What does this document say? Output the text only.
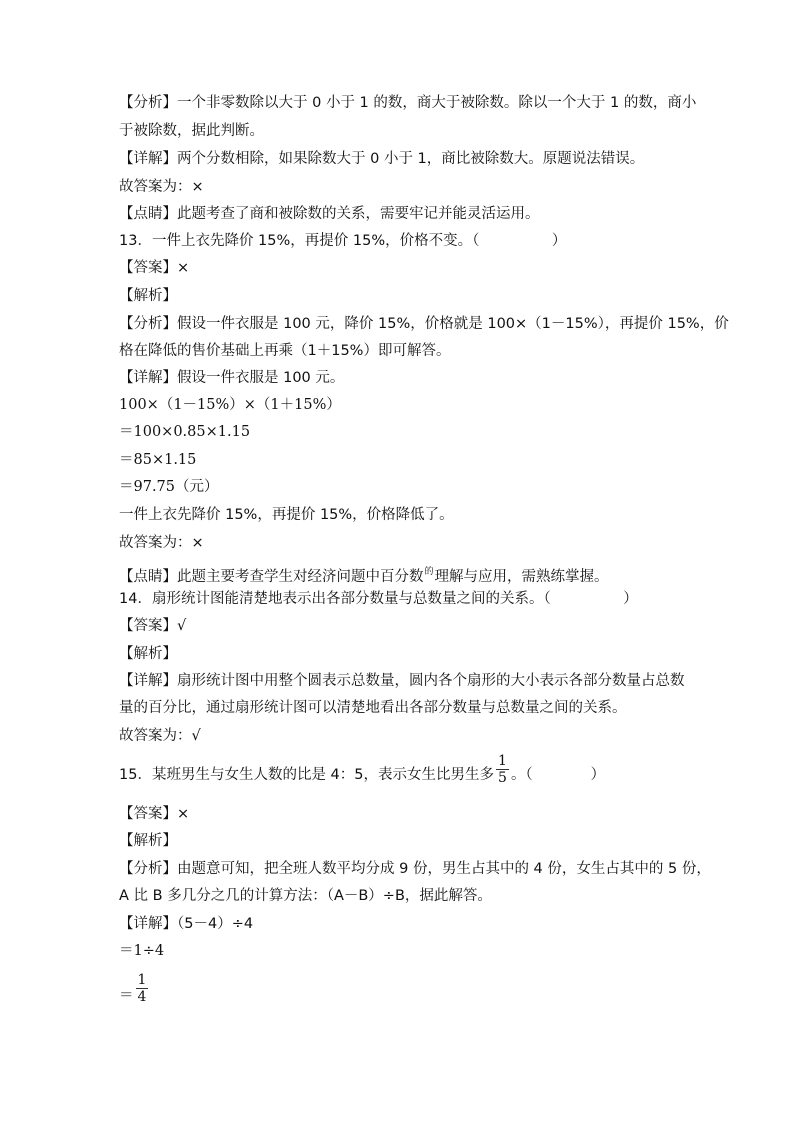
【分析】一个非零数除以大于 0 小于 1 的数，商大于被除数。除以一个大于 1 的数，商小
于被除数，据此判断。
【详解】两个分数相除，如果除数大于 0 小于 1，商比被除数大。原题说法错误。
故答案为：×
【点睛】此题考查了商和被除数的关系，需要牢记并能灵活运用。
13．一件上衣先降价 15%，再提价 15%，价格不变。（　　　　　）
【答案】×
【解析】
【分析】假设一件衣服是 100 元，降价 15%，价格就是 100×（1－15%），再提价 15%，价
格在降低的售价基础上再乘（1＋15%）即可解答。
【详解】假设一件衣服是 100 元。
100×（1－15%）×（1＋15%）
＝100×0.85×1.15
＝85×1.15
＝97.75（元）
一件上衣先降价 15%，再提价 15%，价格降低了。
故答案为：×
【点睛】此题主要考查学生对经济问题中百分数$^的$理解与应用，需熟练掌握。
14．扇形统计图能清楚地表示出各部分数量与总数量之间的关系。（　　　　　）
【答案】√
【解析】
【详解】扇形统计图中用整个圆表示总数量，圆内各个扇形的大小表示各部分数量占总数
量的百分比，通过扇形统计图可以清楚地看出各部分数量与总数量之间的关系。
故答案为：√
15．某班男生与女生人数的比是 4：5，表示女生比男生多 $\frac{1}{5}$ 。（　　　　）
【答案】×
【解析】
【分析】由题意可知，把全班人数平均分成 9 份，男生占其中的 4 份，女生占其中的 5 份，
A 比 B 多几分之几的计算方法：（A－B）÷B，据此解答。
【详解】（5－4）÷4
＝1÷4
＝ $\frac{1}{4}$
